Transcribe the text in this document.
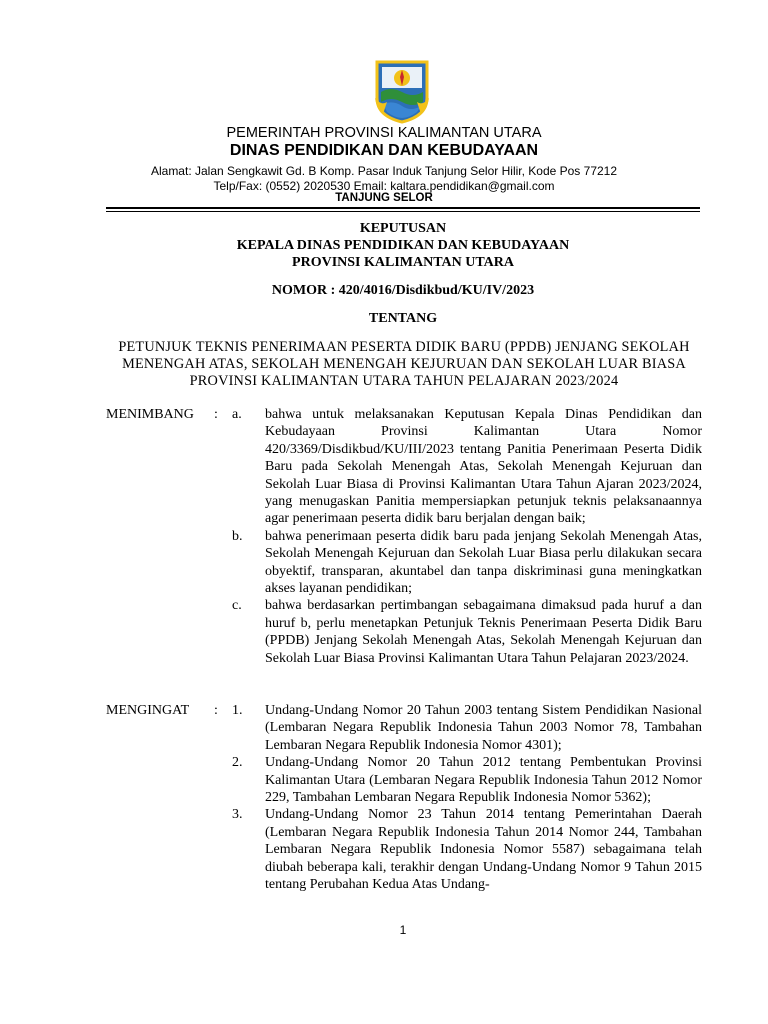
PEMERINTAH PROVINSI KALIMANTAN UTARA
DINAS PENDIDIKAN DAN KEBUDAYAAN
Alamat: Jalan Sengkawit Gd. B Komp. Pasar Induk Tanjung Selor Hilir, Kode Pos 77212
Telp/Fax: (0552) 2020530 Email: kaltara.pendidikan@gmail.com
TANJUNG SELOR
KEPUTUSAN
KEPALA DINAS PENDIDIKAN DAN KEBUDAYAAN
PROVINSI KALIMANTAN UTARA
NOMOR : 420/4016/Disdikbud/KU/IV/2023
TENTANG
PETUNJUK TEKNIS PENERIMAAN PESERTA DIDIK BARU (PPDB) JENJANG SEKOLAH MENENGAH ATAS, SEKOLAH MENENGAH KEJURUAN DAN SEKOLAH LUAR BIASA PROVINSI KALIMANTAN UTARA TAHUN PELAJARAN 2023/2024
MENIMBANG : a. bahwa untuk melaksanakan Keputusan Kepala Dinas Pendidikan dan Kebudayaan Provinsi Kalimantan Utara Nomor 420/3369/Disdikbud/KU/III/2023 tentang Panitia Penerimaan Peserta Didik Baru pada Sekolah Menengah Atas, Sekolah Menengah Kejuruan dan Sekolah Luar Biasa di Provinsi Kalimantan Utara Tahun Ajaran 2023/2024, yang menugaskan Panitia mempersiapkan petunjuk teknis pelaksanaannya agar penerimaan peserta didik baru berjalan dengan baik;
b. bahwa penerimaan peserta didik baru pada jenjang Sekolah Menengah Atas, Sekolah Menengah Kejuruan dan Sekolah Luar Biasa perlu dilakukan secara obyektif, transparan, akuntabel dan tanpa diskriminasi guna meningkatkan akses layanan pendidikan;
c. bahwa berdasarkan pertimbangan sebagaimana dimaksud pada huruf a dan huruf b, perlu menetapkan Petunjuk Teknis Penerimaan Peserta Didik Baru (PPDB) Jenjang Sekolah Menengah Atas, Sekolah Menengah Kejuruan dan Sekolah Luar Biasa Provinsi Kalimantan Utara Tahun Pelajaran 2023/2024.
MENGINGAT : 1. Undang-Undang Nomor 20 Tahun 2003 tentang Sistem Pendidikan Nasional (Lembaran Negara Republik Indonesia Tahun 2003 Nomor 78, Tambahan Lembaran Negara Republik Indonesia Nomor 4301);
2. Undang-Undang Nomor 20 Tahun 2012 tentang Pembentukan Provinsi Kalimantan Utara (Lembaran Negara Republik Indonesia Tahun 2012 Nomor 229, Tambahan Lembaran Negara Republik Indonesia Nomor 5362);
3. Undang-Undang Nomor 23 Tahun 2014 tentang Pemerintahan Daerah (Lembaran Negara Republik Indonesia Tahun 2014 Nomor 244, Tambahan Lembaran Negara Republik Indonesia Nomor 5587) sebagaimana telah diubah beberapa kali, terakhir dengan Undang-Undang Nomor 9 Tahun 2015 tentang Perubahan Kedua Atas Undang-
1
